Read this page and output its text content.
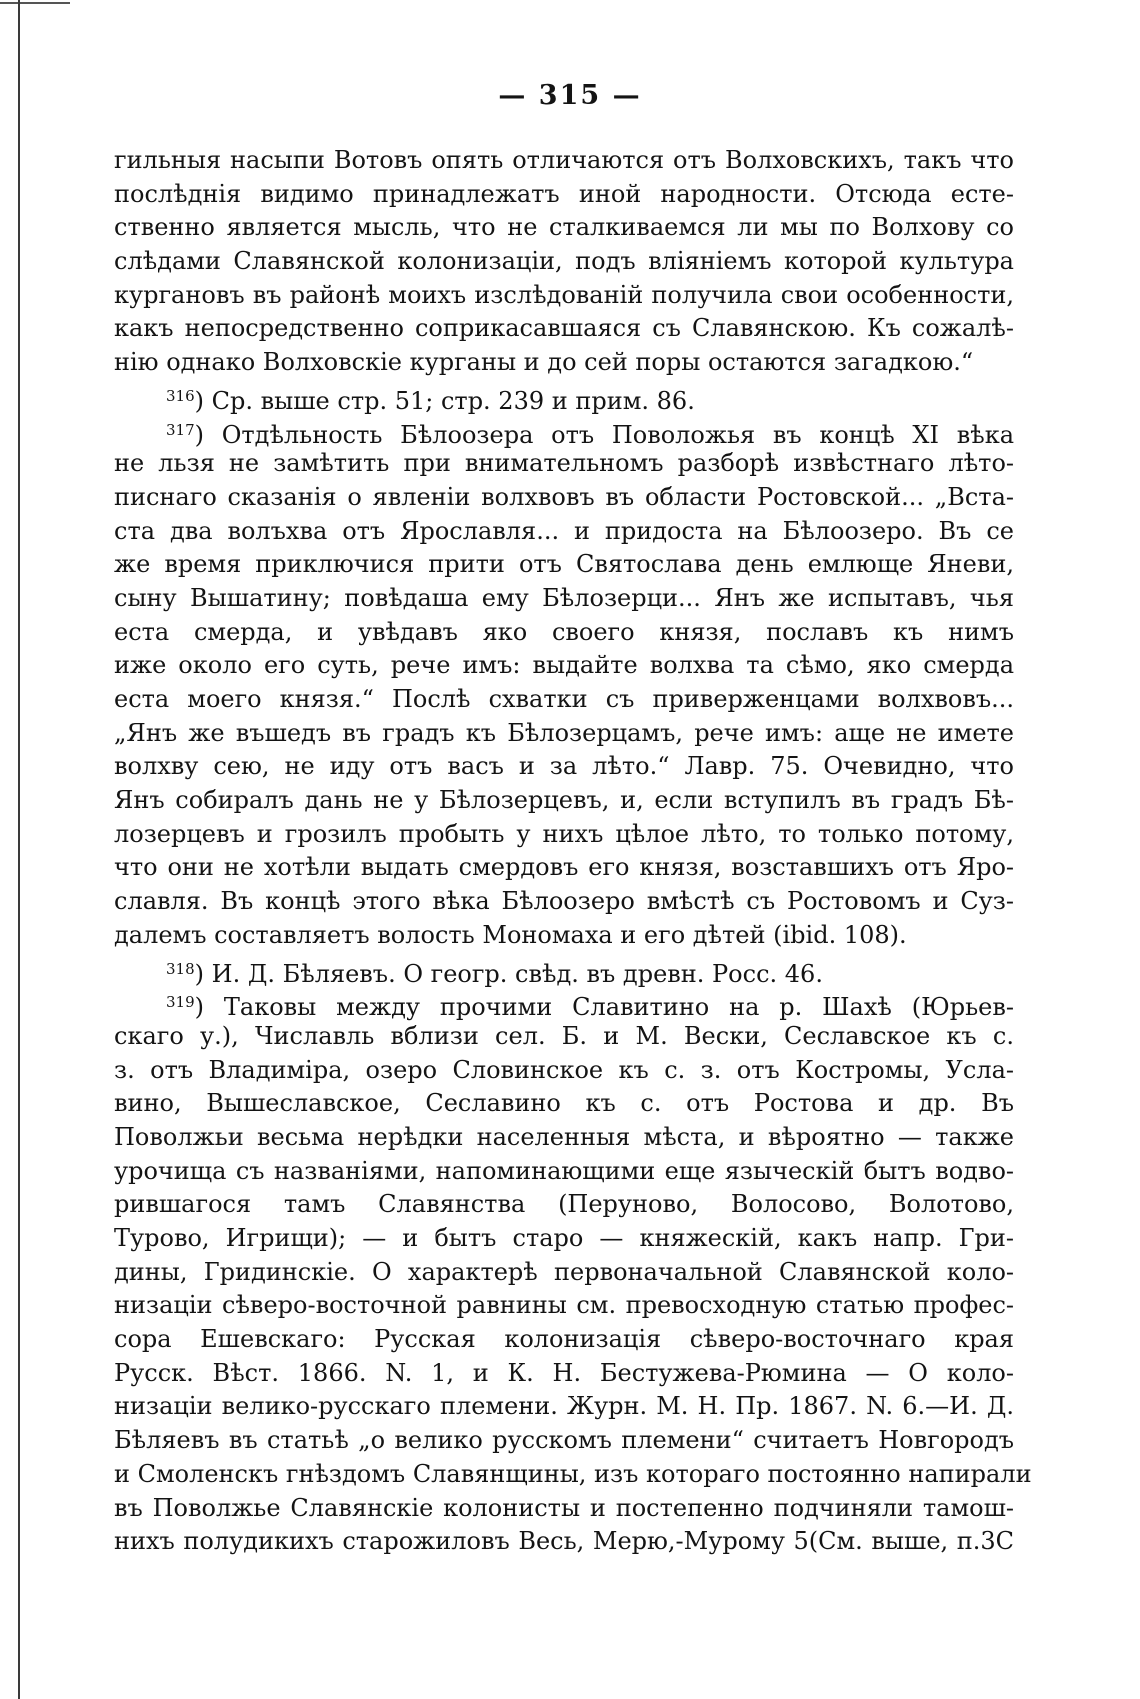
— 315 —
гильныя насыпи Вотовъ опять отличаются отъ Волховскихъ, такъ что
послѣднія видимо принадлежатъ иной народности. Отсюда есте-
ственно является мысль, что не сталкиваемся ли мы по Волхову со
слѣдами Славянской колонизаціи, подъ вліяніемъ которой культура
кургановъ въ районѣ моихъ изслѣдованій получила свои особенности,
какъ непосредственно соприкасавшаяся съ Славянскою. Къ сожалѣ-
нію однако Волховскіе курганы и до сей поры остаются загадкою.“
$^{316}$) Ср. выше стр. 51; стр. 239 и прим. 86.
$^{317}$) Отдѣльность Бѣлоозера отъ Поволожья въ концѣ XI вѣка
не льзя не замѣтить при внимательномъ разборѣ извѣстнаго лѣто-
писнаго сказанія о явленіи волхвовъ въ области Ростовской... „Вста-
ста два волъхва отъ Ярославля... и придоста на Бѣлоозеро. Въ се
же время приключися прити отъ Святослава день емлюще Яневи,
сыну Вышатину; повѣдаша ему Бѣлозерци... Янъ же испытавъ, чья
еста смерда, и увѣдавъ яко своего князя, пославъ къ нимъ
иже около его суть, рече имъ: выдайте волхва та сѣмо, яко смерда
еста моего князя.“ Послѣ схватки съ приверженцами волхвовъ...
„Янъ же въшедъ въ градъ къ Бѣлозерцамъ, рече имъ: аще не имете
волхву сею, не иду отъ васъ и за лѣто.“ Лавр. 75. Очевидно, что
Янъ собиралъ дань не у Бѣлозерцевъ, и, если вступилъ въ градъ Бѣ-
лозерцевъ и грозилъ пробыть у нихъ цѣлое лѣто, то только потому,
что они не хотѣли выдать смердовъ его князя, возставшихъ отъ Яро-
славля. Въ концѣ этого вѣка Бѣлоозеро вмѣстѣ съ Ростовомъ и Суз-
далемъ составляетъ волость Мономаха и его дѣтей (ibid. 108).
$^{318}$) И. Д. Бѣляевъ. О геогр. свѣд. въ древн. Росс. 46.
$^{319}$) Таковы между прочими Славитино на р. Шахѣ (Юрьев-
скаго у.), Числавль вблизи сел. Б. и М. Вески, Сеславское къ с.
з. отъ Владиміра, озеро Словинское къ с. з. отъ Костромы, Усла-
вино, Вышеславское, Сеславино къ с. отъ Ростова и др. Въ
Поволжьи весьма нерѣдки населенныя мѣста, и вѣроятно — также
урочища съ названіями, напоминающими еще языческій бытъ водво-
рившагося тамъ Славянства (Перуново, Волосово, Волотово,
Турово, Игрищи); — и бытъ старо — княжескій, какъ напр. Гри-
дины, Гридинскіе. О характерѣ первоначальной Славянской коло-
низаціи сѣверо-восточной равнины см. превосходную статью профес-
сора Ешевскаго: Русская колонизація сѣверо-восточнаго края
Русск. Вѣст. 1866. N. 1, и К. Н. Бестужева-Рюмина — О коло-
низаціи велико-русскаго племени. Журн. М. Н. Пр. 1867. N. 6.—И. Д.
Бѣляевъ въ статьѣ „о велико русскомъ племени“ считаетъ Новгородъ
и Смоленскъ гнѣздомъ Славянщины, изъ котораго постоянно напирали
въ Поволжье Славянскіе колонисты и постепенно подчиняли тамош-
нихъ полудикихъ старожиловъ Весь, Мерю,-Мурому 5(См. выше, п.3С
